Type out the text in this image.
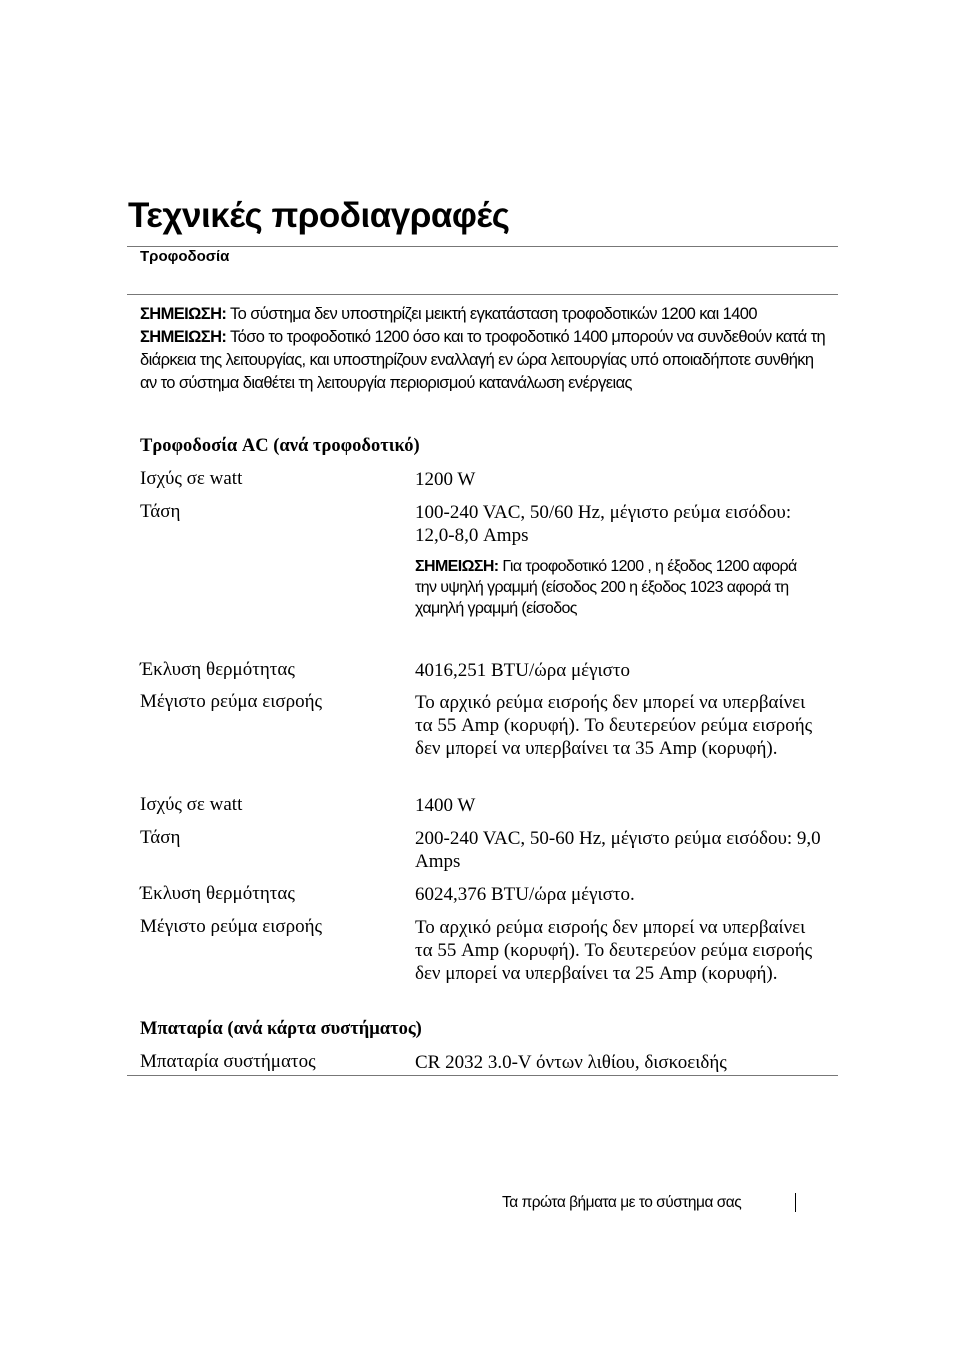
Τεχνικές προδιαγραφές
Τροφοδοσία
ΣΗΜΕΙΩΣΗ: Το σύστημα δεν υποστηρίζει μεικτή εγκατάσταση τροφοδοτικών 1200 και 1400
ΣΗΜΕΙΩΣΗ: Τόσο το τροφοδοτικό 1200 όσο και το τροφοδοτικό 1400 μπορούν να συνδεθούν κατά τη διάρκεια της λειτουργίας, και υποστηρίζουν εναλλαγή εν ώρα λειτουργίας υπό οποιαδήποτε συνθήκη αν το σύστημα διαθέτει τη λειτουργία περιορισμού κατανάλωση ενέργειας
Τροφοδοσία AC (ανά τροφοδοτικό)
Ισχύς σε watt	1200 W
Τάση	100-240 VAC, 50/60 Hz, μέγιστο ρεύμα εισόδου: 12,0-8,0 Amps
ΣΗΜΕΙΩΣΗ: Για τροφοδοτικό 1200 , η έξοδος 1200 αφορά την υψηλή γραμμή (είσοδος 200 η έξοδος 1023 αφορά τη χαμηλή γραμμή (είσοδος
Έκλυση θερμότητας	4016,251 BTU/ώρα μέγιστο
Μέγιστο ρεύμα εισροής	Το αρχικό ρεύμα εισροής δεν μπορεί να υπερβαίνει τα 55 Amp (κορυφή). Το δευτερεύον ρεύμα εισροής δεν μπορεί να υπερβαίνει τα 35 Amp (κορυφή).
Ισχύς σε watt	1400 W
Τάση	200-240 VAC, 50-60 Hz, μέγιστο ρεύμα εισόδου: 9,0 Amps
Έκλυση θερμότητας	6024,376 BTU/ώρα μέγιστο.
Μέγιστο ρεύμα εισροής	Το αρχικό ρεύμα εισροής δεν μπορεί να υπερβαίνει τα 55 Amp (κορυφή). Το δευτερεύον ρεύμα εισροής δεν μπορεί να υπερβαίνει τα 25 Amp (κορυφή).
Μπαταρία (ανά κάρτα συστήματος)
Μπαταρία συστήματος	CR 2032 3.0-V όντων λιθίου, δισκοειδής
Τα πρώτα βήματα με το σύστημα σας
